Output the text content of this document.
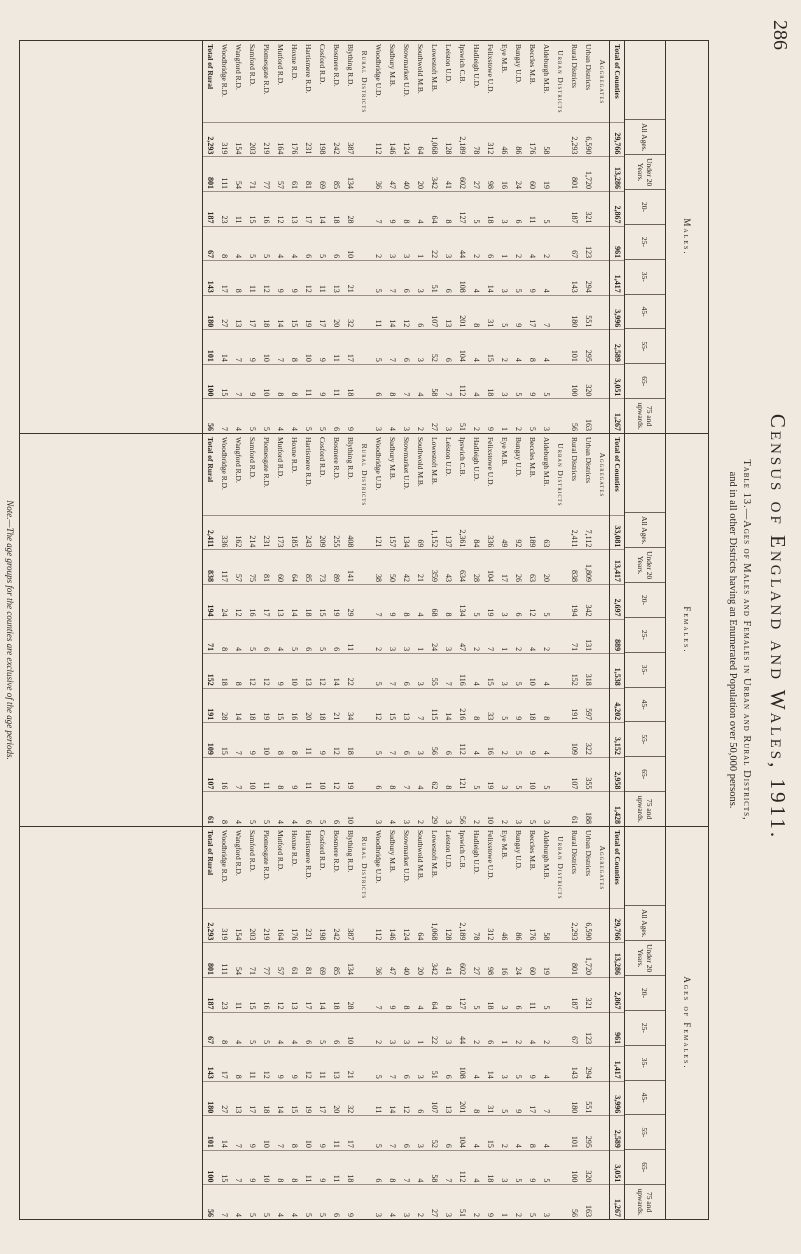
286
Census of England and Wales, 1911.
Table 13.—Ages of Males and Females in Urban and Rural Districts,
and in all other Districts having an Enumerated Population over 50,000 persons.
Males.
All Ages.
Under 20 Years.
20-
25-
35-
45-
55-
65-
75 and upwards.
Total of Counties
29,766
13,286
2,867
961
1,417
3,996
2,589
3,051
1,267
Aggregates
Urban Districts
6,590
1,720
321
123
294
551
295
320
163
Rural Districts
2,293
801
187
67
143
180
101
100
56
Urban Districts
Aldeburgh M.B.
58
19
5
2
4
7
4
5
3
Beccles M.B.
176
60
11
4
9
17
8
9
5
Bungay U.D.
86
24
6
2
5
9
4
5
2
Eye M.B.
46
16
3
1
3
5
2
3
1
Felixstowe U.D.
312
98
18
6
14
31
15
18
9
Hadleigh U.D.
78
27
5
2
4
8
4
4
2
Ipswich C.B.
2,189
602
127
44
108
201
104
112
51
Leiston U.D.
128
41
8
3
6
13
6
7
3
Lowestoft M.B.
1,068
342
64
22
51
107
52
58
27
Southwold M.B.
64
20
4
1
3
6
3
4
2
Stowmarket U.D.
124
40
8
3
6
12
6
7
3
Sudbury M.B.
146
47
9
3
7
14
7
8
4
Woodbridge U.D.
112
36
7
2
5
11
5
6
3
Rural Districts
Blything R.D.
387
134
28
10
21
32
17
18
9
Bosmere R.D.
242
85
18
6
13
20
11
11
6
Cosford R.D.
198
69
14
5
11
17
9
9
5
Hartismere R.D.
231
81
17
6
12
19
10
11
5
Hoxne R.D.
176
61
13
4
9
15
8
8
4
Mutford R.D.
164
57
12
4
9
14
7
8
4
Plomesgate R.D.
219
77
16
5
12
18
10
10
5
Samford R.D.
203
71
15
5
11
17
9
9
5
Wangford R.D.
154
54
11
4
8
13
7
7
4
Woodbridge R.D.
319
111
23
8
17
27
14
15
7
Total of Rural
2,293
801
187
67
143
180
101
100
56
Females.
All Ages.
Under 20 Years.
20-
25-
35-
45-
55-
65-
75 and upwards.
Total of Counties
33,081
13,417
2,697
889
1,538
4,202
3,152
2,958
1,428
Aggregates
Urban Districts
7,112
1,809
342
131
318
597
322
355
188
Rural Districts
2,411
838
194
71
152
191
109
107
61
Urban Districts
Aldeburgh M.B.
63
20
5
2
4
8
4
5
3
Beccles M.B.
189
63
12
4
10
18
9
10
5
Bungay U.D.
92
26
6
2
5
9
5
5
3
Eye M.B.
49
17
3
1
3
5
2
3
2
Felixstowe U.D.
336
104
19
7
15
33
16
19
10
Hadleigh U.D.
84
28
5
2
4
8
4
5
2
Ipswich C.B.
2,361
634
134
47
116
216
112
121
56
Leiston U.D.
137
43
8
3
7
14
6
8
3
Lowestoft M.B.
1,152
359
68
24
55
115
56
62
29
Southwold M.B.
69
21
4
1
3
7
3
4
2
Stowmarket U.D.
134
42
8
3
6
13
6
7
3
Sudbury M.B.
157
50
9
3
7
15
7
8
4
Woodbridge U.D.
121
38
7
2
5
12
5
6
3
Rural Districts
Blything R.D.
408
141
29
11
22
34
18
19
10
Bosmere R.D.
255
89
19
6
14
21
12
12
6
Cosford R.D.
209
73
15
5
12
18
9
10
5
Hartismere R.D.
243
85
18
6
13
20
11
11
6
Hoxne R.D.
185
64
14
5
10
16
8
9
4
Mutford R.D.
173
60
13
4
9
15
8
8
4
Plomesgate R.D.
231
81
17
6
12
19
10
11
5
Samford R.D.
214
75
16
5
12
18
9
10
5
Wangford R.D.
162
57
12
4
8
14
7
7
4
Woodbridge R.D.
336
117
24
8
18
28
15
16
8
Total of Rural
2,411
838
194
71
152
191
109
107
61
Ages of Females.
All Ages.
Under 20 Years.
20-
25-
35-
45-
55-
65-
75 and upwards.
Total of Counties
29,766
13,286
2,867
961
1,417
3,996
2,589
3,051
1,267
Aggregates
Urban Districts
6,590
1,720
321
123
294
551
295
320
163
Rural Districts
2,293
801
187
67
143
180
101
100
56
Urban Districts
Aldeburgh M.B.
58
19
5
2
4
7
4
5
3
Beccles M.B.
176
60
11
4
9
17
8
9
5
Bungay U.D.
86
24
6
2
5
9
4
5
2
Eye M.B.
46
16
3
1
3
5
2
3
1
Felixstowe U.D.
312
98
18
6
14
31
15
18
9
Hadleigh U.D.
78
27
5
2
4
8
4
4
2
Ipswich C.B.
2,189
602
127
44
108
201
104
112
51
Leiston U.D.
128
41
8
3
6
13
6
7
3
Lowestoft M.B.
1,068
342
64
22
51
107
52
58
27
Southwold M.B.
64
20
4
1
3
6
3
4
2
Stowmarket U.D.
124
40
8
3
6
12
6
7
3
Sudbury M.B.
146
47
9
3
7
14
7
8
4
Woodbridge U.D.
112
36
7
2
5
11
5
6
3
Rural Districts
Blything R.D.
387
134
28
10
21
32
17
18
9
Bosmere R.D.
242
85
18
6
13
20
11
11
6
Cosford R.D.
198
69
14
5
11
17
9
9
5
Hartismere R.D.
231
81
17
6
12
19
10
11
5
Hoxne R.D.
176
61
13
4
9
15
8
8
4
Mutford R.D.
164
57
12
4
9
14
7
8
4
Plomesgate R.D.
219
77
16
5
12
18
10
10
5
Samford R.D.
203
71
15
5
11
17
9
9
5
Wangford R.D.
154
54
11
4
8
13
7
7
4
Woodbridge R.D.
319
111
23
8
17
27
14
15
7
Total of Rural
2,293
801
187
67
143
180
101
100
56
Note.—The age groups for the counties are exclusive of the age periods.
